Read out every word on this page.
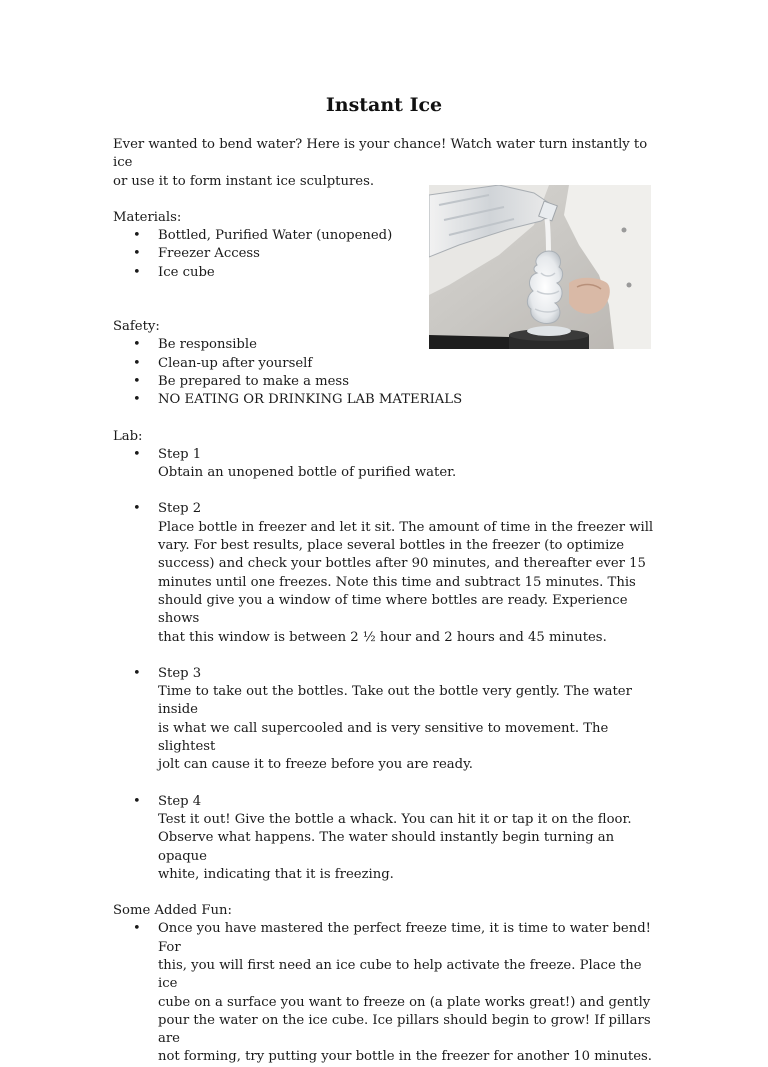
Instant Ice

Ever wanted to bend water? Here is your chance! Watch water turn instantly to ice
or use it to form instant ice sculptures.

Materials:
• Bottled, Purified Water (unopened)
• Freezer Access
• Ice cube
Safety:
• Be responsible
• Clean-up after yourself
• Be prepared to make a mess
• NO EATING OR DRINKING LAB MATERIALS
Lab:
• Step 1
Obtain an unopened bottle of purified water.
• Step 2
Place bottle in freezer and let it sit. The amount of time in the freezer will
vary. For best results, place several bottles in the freezer (to optimize
success) and check your bottles after 90 minutes, and thereafter ever 15
minutes until one freezes. Note this time and subtract 15 minutes. This
should give you a window of time where bottles are ready. Experience shows
that this window is between 2 ½ hour and 2 hours and 45 minutes.
• Step 3
Time to take out the bottles. Take out the bottle very gently. The water inside
is what we call supercooled and is very sensitive to movement. The slightest
jolt can cause it to freeze before you are ready.
• Step 4
Test it out! Give the bottle a whack. You can hit it or tap it on the floor.
Observe what happens. The water should instantly begin turning an opaque
white, indicating that it is freezing.
Some Added Fun:
• Once you have mastered the perfect freeze time, it is time to water bend! For
this, you will first need an ice cube to help activate the freeze. Place the ice
cube on a surface you want to freeze on (a plate works great!) and gently
pour the water on the ice cube. Ice pillars should begin to grow! If pillars are
not forming, try putting your bottle in the freezer for another 10 minutes.
